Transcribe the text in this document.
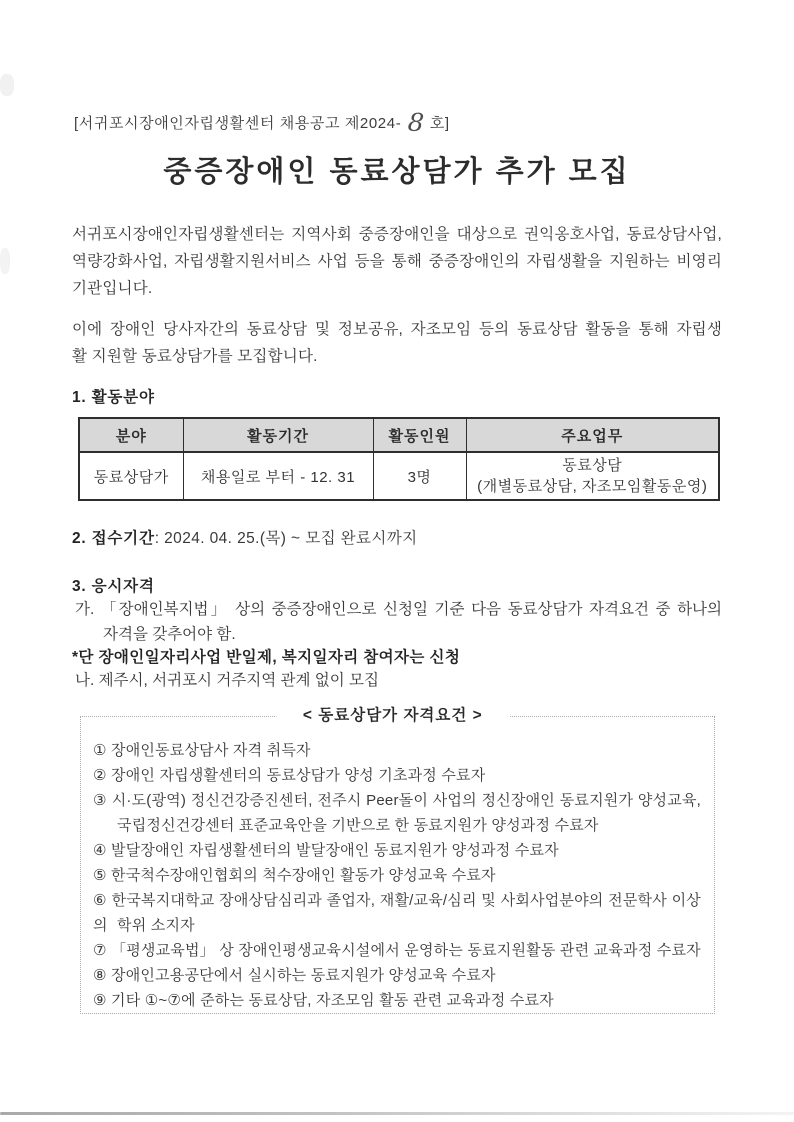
[서귀포시장애인자립생활센터 채용공고 제2024- 8 호]
중증장애인 동료상담가 추가 모집
서귀포시장애인자립생활센터는 지역사회 중증장애인을 대상으로 권익옹호사업, 동료상담사업,
역량강화사업, 자립생활지원서비스 사업 등을 통해 중증장애인의 자립생활을 지원하는 비영리
기관입니다.
이에 장애인 당사자간의 동료상담 및 정보공유, 자조모임 등의 동료상담 활동을 통해 자립생
활 지원할 동료상담가를 모집합니다.
1. 활동분야
분야	활동기간	활동인원	주요업무
동료상담가	채용일로 부터 - 12. 31	3명	동료상담
(개별동료상담, 자조모임활동운영)
2. 접수기간: 2024. 04. 25.(목) ~ 모집 완료시까지
3. 응시자격
가. 「장애인복지법」 상의 중증장애인으로 신청일 기준 다음 동료상담가 자격요건 중 하나의
자격을 갖추어야 함.
*단 장애인일자리사업 반일제, 복지일자리 참여자는 신청
나. 제주시, 서귀포시 거주지역 관계 없이 모집
< 동료상담가 자격요건 >
① 장애인동료상담사 자격 취득자
② 장애인 자립생활센터의 동료상담가 양성 기초과정 수료자
③ 시·도(광역) 정신건강증진센터, 전주시 Peer돌이 사업의 정신장애인 동료지원가 양성교육,
국립정신건강센터 표준교육안을 기반으로 한 동료지원가 양성과정 수료자
④ 발달장애인 자립생활센터의 발달장애인 동료지원가 양성과정 수료자
⑤ 한국척수장애인협회의 척수장애인 활동가 양성교육 수료자
⑥ 한국복지대학교 장애상담심리과 졸업자, 재활/교육/심리 및 사회사업분야의 전문학사 이상의 학위 소지자
⑦ 「평생교육법」 상 장애인평생교육시설에서 운영하는 동료지원활동 관련 교육과정 수료자
⑧ 장애인고용공단에서 실시하는 동료지원가 양성교육 수료자
⑨ 기타 ①~⑦에 준하는 동료상담, 자조모임 활동 관련 교육과정 수료자
